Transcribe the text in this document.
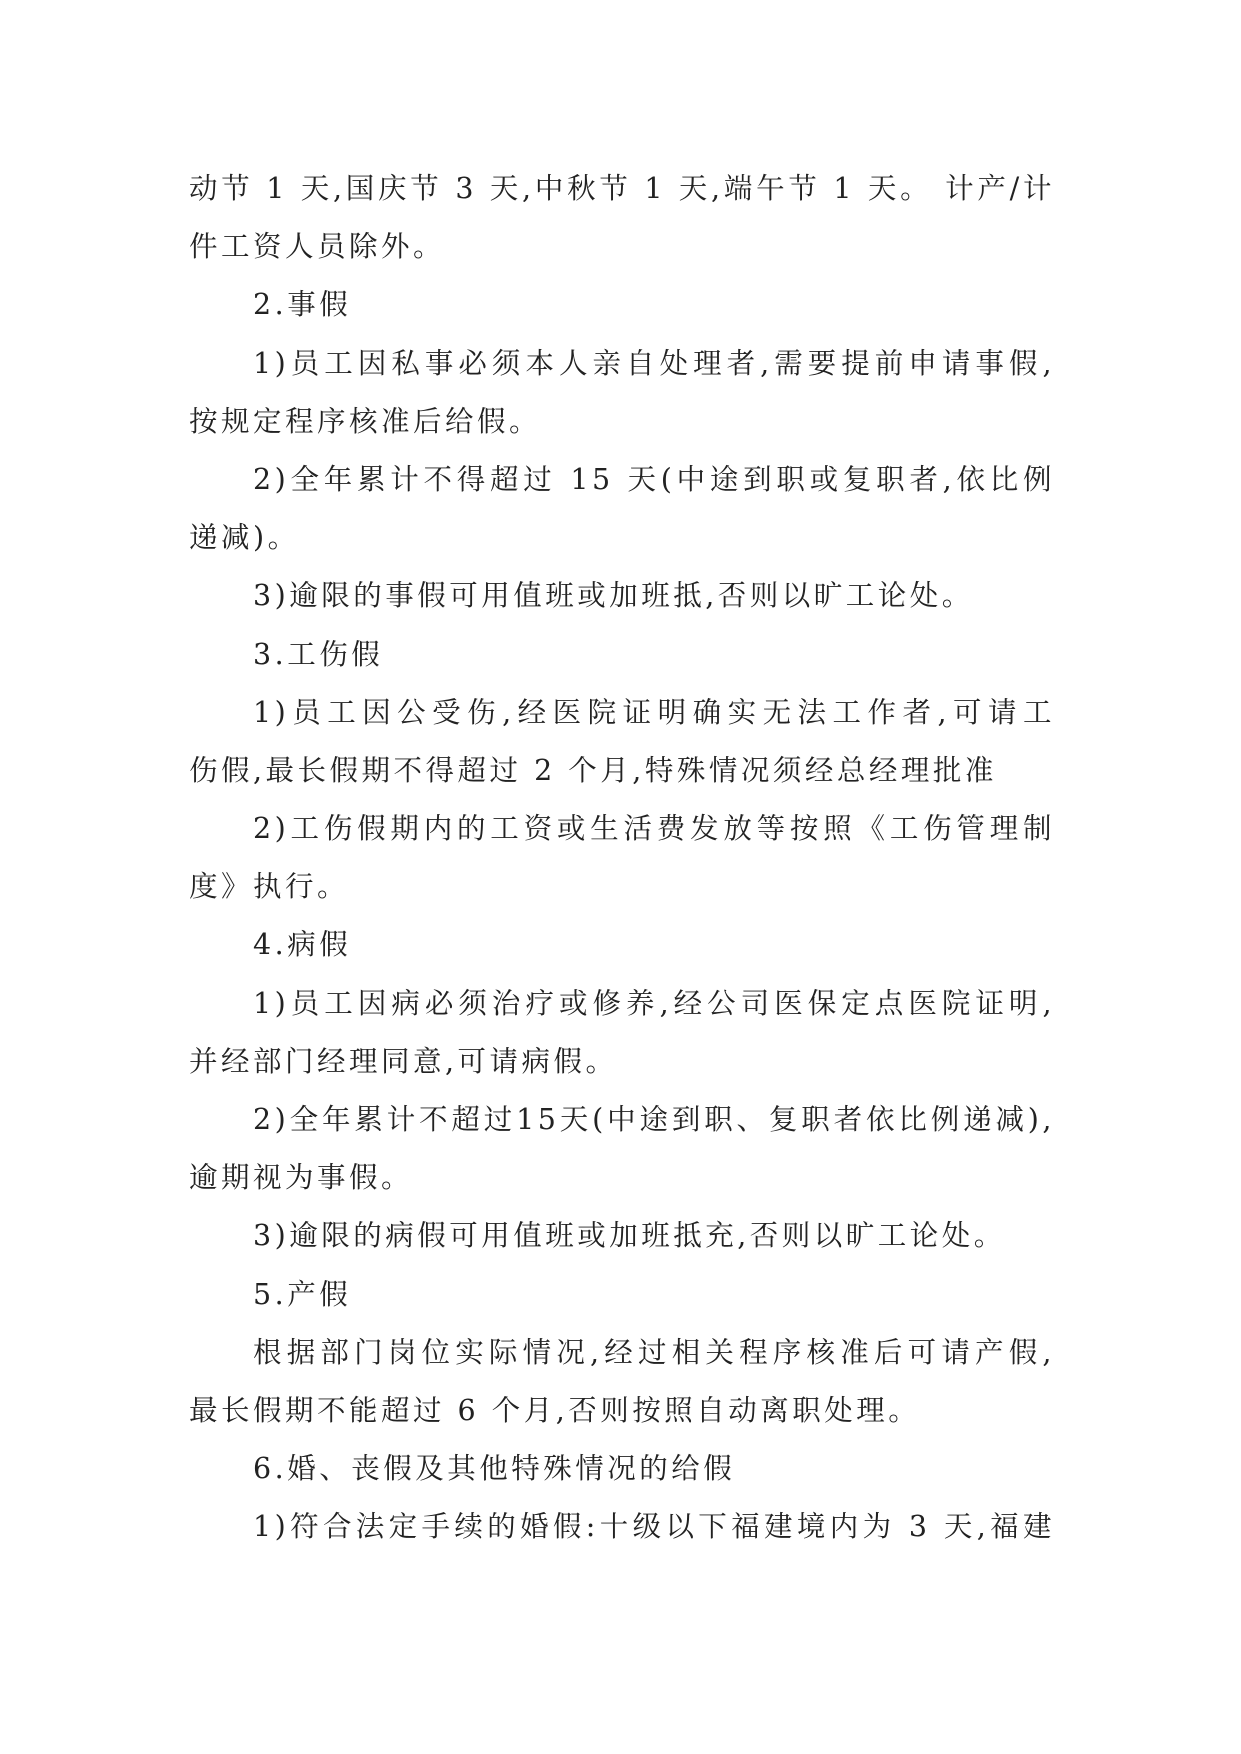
动节 1 天,国庆节 3 天,中秋节 1 天,端午节 1 天。 计产/计
件工资人员除外。
2.事假
1)员工因私事必须本人亲自处理者,需要提前申请事假,
按规定程序核准后给假。
2)全年累计不得超过 15 天(中途到职或复职者,依比例
递减)。
3)逾限的事假可用值班或加班抵,否则以旷工论处。
3.工伤假
1)员工因公受伤,经医院证明确实无法工作者,可请工
伤假,最长假期不得超过 2 个月,特殊情况须经总经理批准
2)工伤假期内的工资或生活费发放等按照《工伤管理制
度》执行。
4.病假
1)员工因病必须治疗或修养,经公司医保定点医院证明,
并经部门经理同意,可请病假。
2)全年累计不超过15天(中途到职、复职者依比例递减),
逾期视为事假。
3)逾限的病假可用值班或加班抵充,否则以旷工论处。
5.产假
根据部门岗位实际情况,经过相关程序核准后可请产假,
最长假期不能超过 6 个月,否则按照自动离职处理。
6.婚、丧假及其他特殊情况的给假
1)符合法定手续的婚假:十级以下福建境内为 3 天,福建
